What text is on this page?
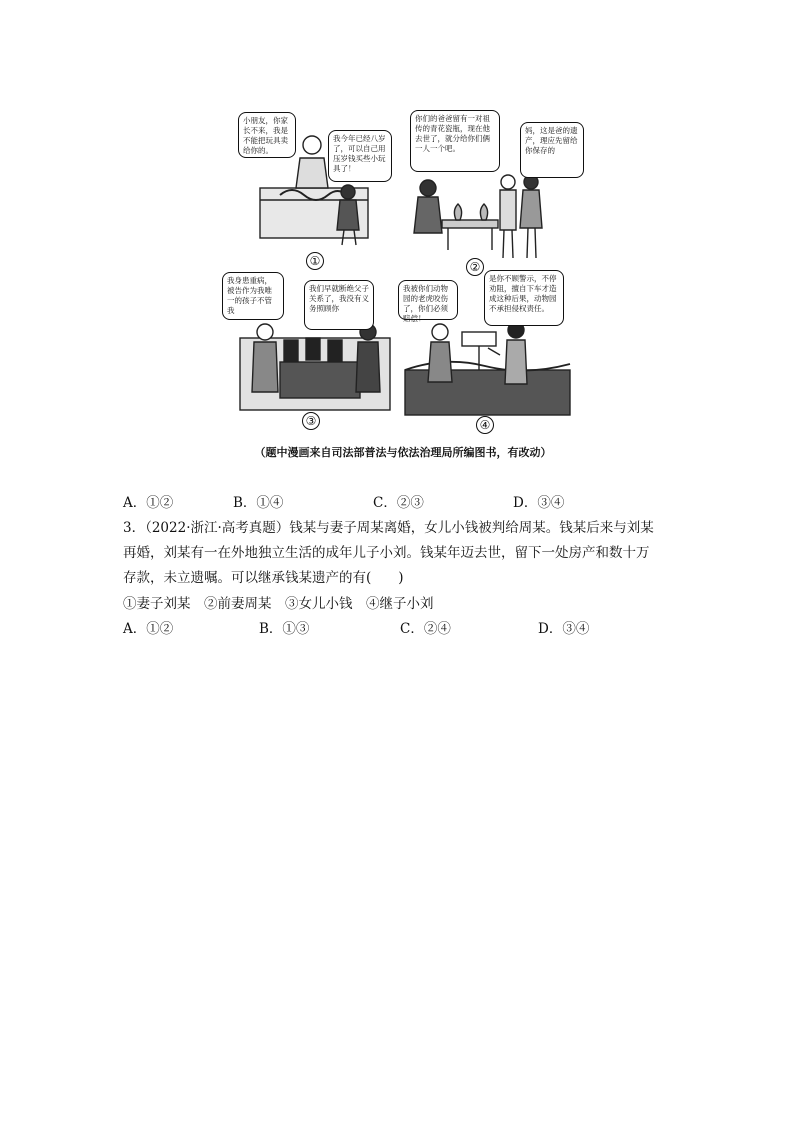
小朋友，你家长不来，我是不能把玩具卖给你的。
我今年已经八岁了，可以自己用压岁钱买些小玩具了！
①
你们的爸爸留有一对祖传的青花瓷瓶，现在他去世了，就分给你们俩一人一个吧。
妈，这是爸的遗产，理应先留给你保存的
②
我身患重病，被告作为我唯一的孩子不管我
我们早就断绝父子关系了，我没有义务照顾你
③
我被你们动物园的老虎咬伤了，你们必须赔偿！
是你不顾警示，不停劝阻，擅自下车才造成这种后果，动物园不承担侵权责任。
④
（题中漫画来自司法部普法与依法治理局所编图书，有改动）
A．①②	B．①④	C．②③	D．③④
3．（2022·浙江·高考真题）钱某与妻子周某离婚，女儿小钱被判给周某。钱某后来与刘某
再婚，刘某有一在外地独立生活的成年儿子小刘。钱某年迈去世，留下一处房产和数十万
存款，未立遗嘱。可以继承钱某遗产的有(　　)
①妻子刘某　②前妻周某　③女儿小钱　④继子小刘
A．①②	B．①③	C．②④	D．③④
